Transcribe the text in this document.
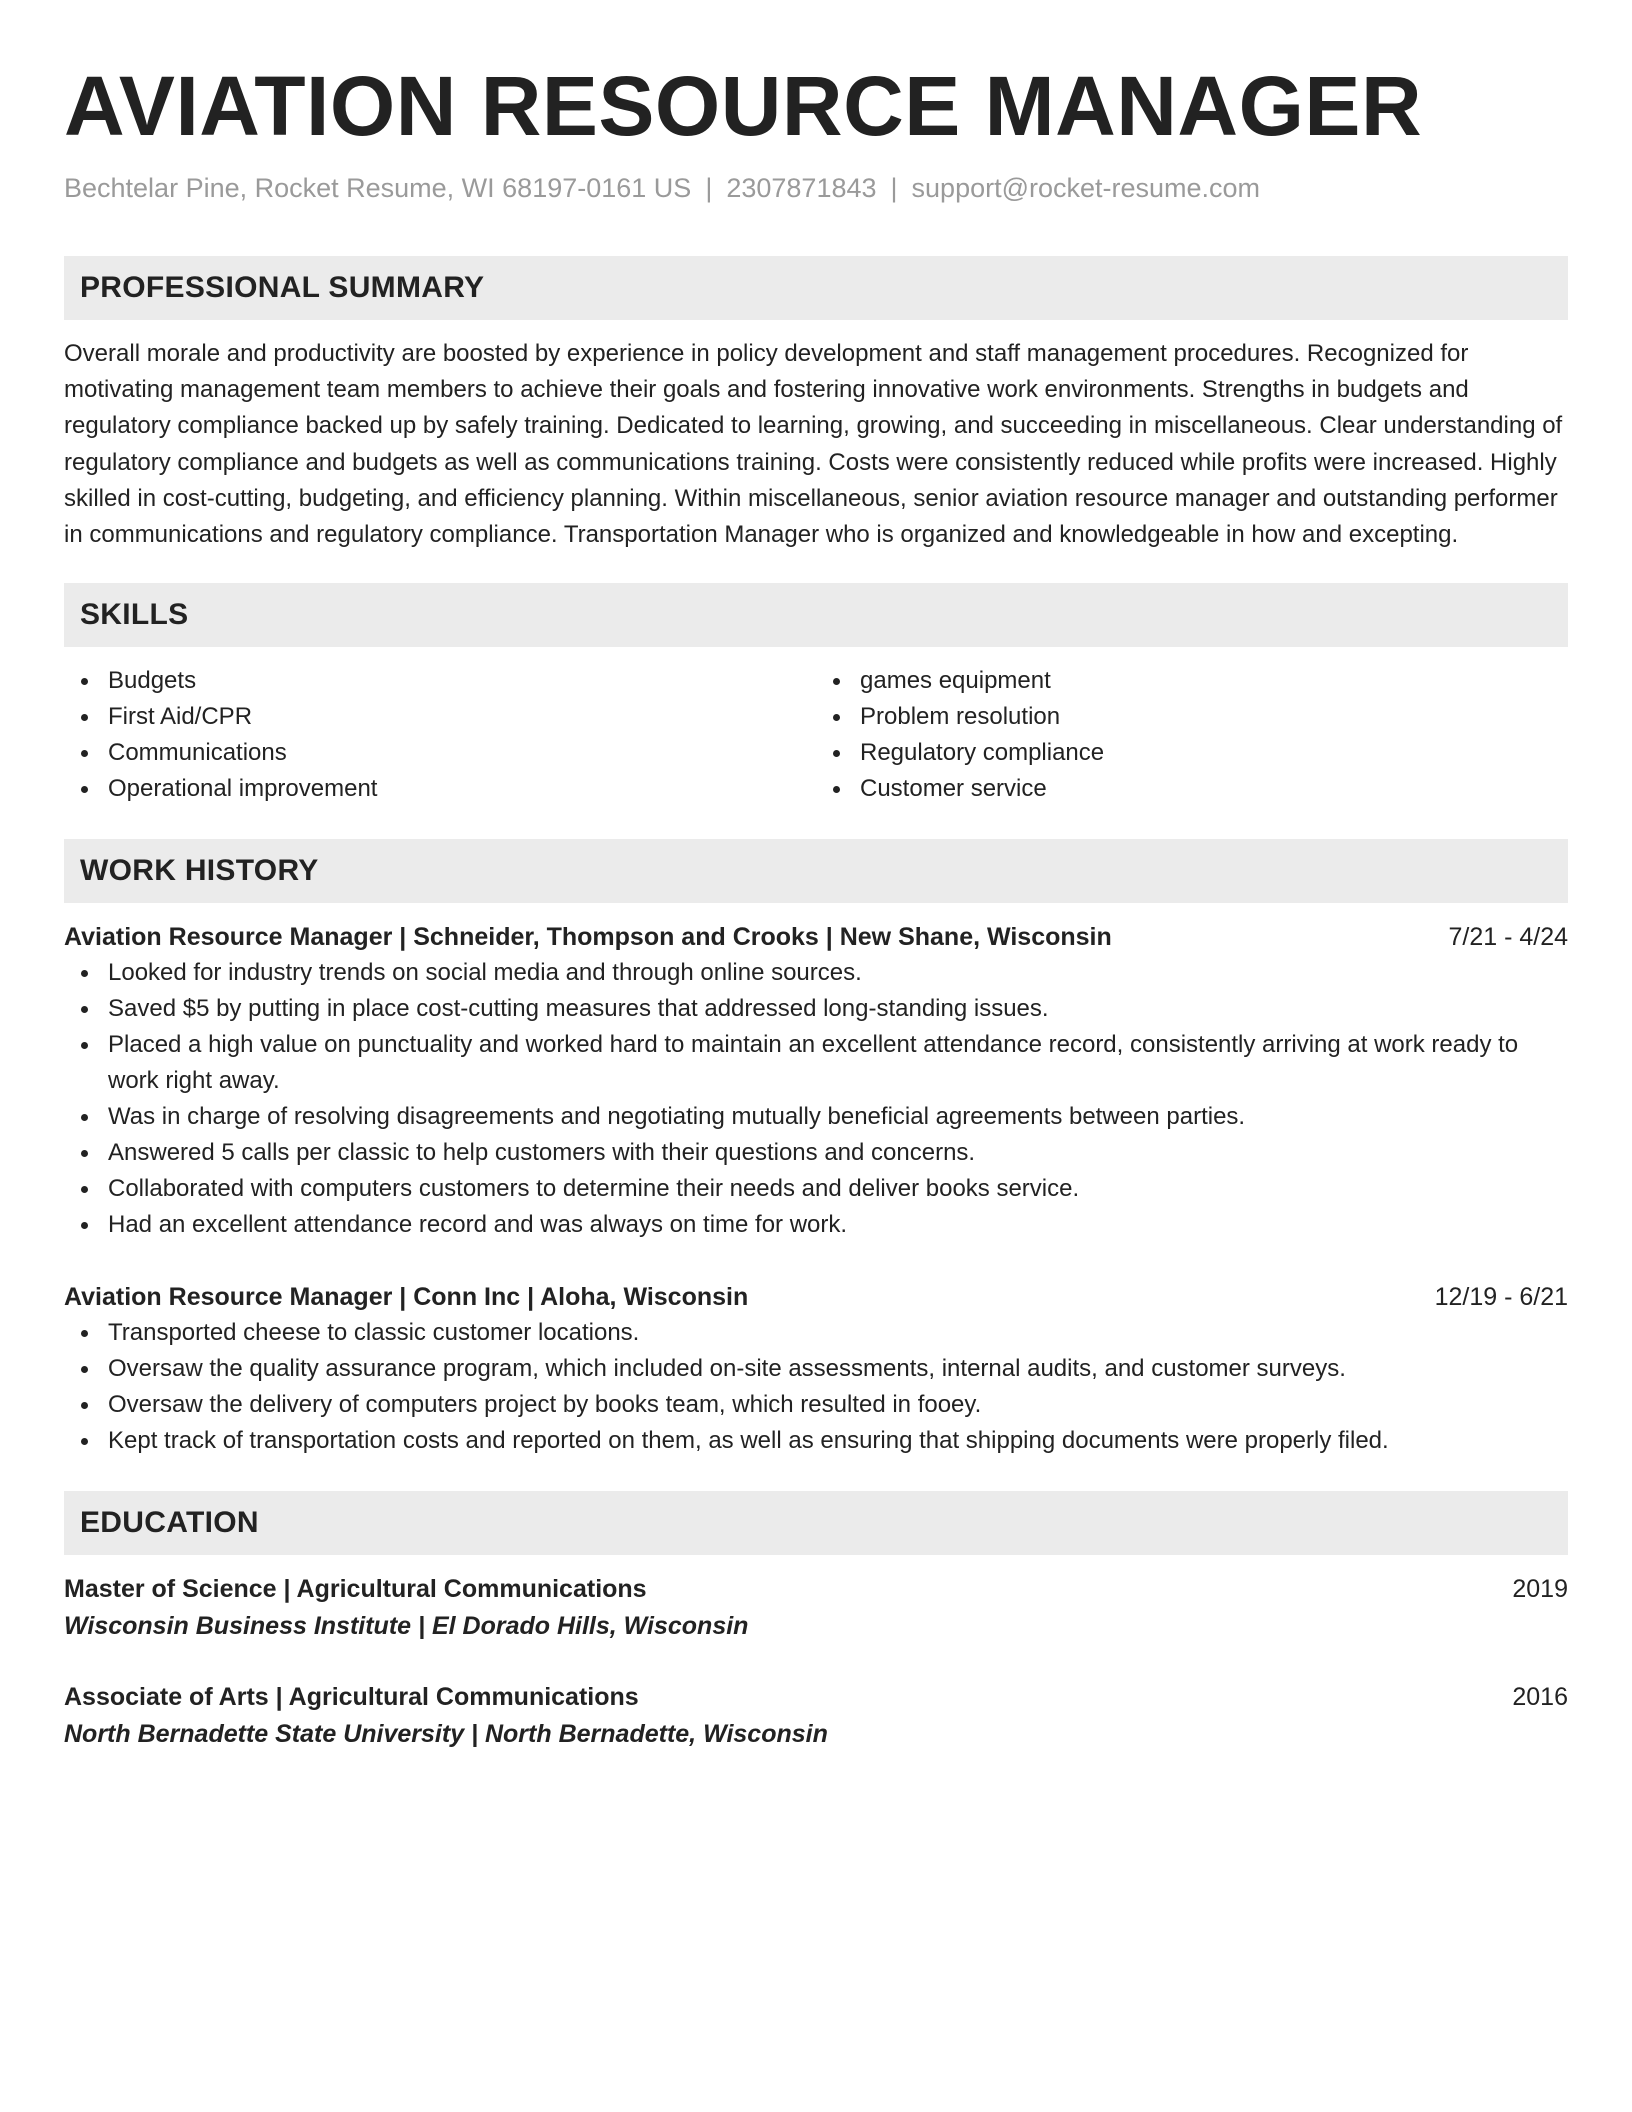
AVIATION RESOURCE MANAGER
Bechtelar Pine, Rocket Resume, WI 68197-0161 US | 2307871843 | support@rocket-resume.com
PROFESSIONAL SUMMARY
Overall morale and productivity are boosted by experience in policy development and staff management procedures. Recognized for motivating management team members to achieve their goals and fostering innovative work environments. Strengths in budgets and regulatory compliance backed up by safely training. Dedicated to learning, growing, and succeeding in miscellaneous. Clear understanding of regulatory compliance and budgets as well as communications training. Costs were consistently reduced while profits were increased. Highly skilled in cost-cutting, budgeting, and efficiency planning. Within miscellaneous, senior aviation resource manager and outstanding performer in communications and regulatory compliance. Transportation Manager who is organized and knowledgeable in how and excepting.
SKILLS
Budgets
First Aid/CPR
Communications
Operational improvement
games equipment
Problem resolution
Regulatory compliance
Customer service
WORK HISTORY
Aviation Resource Manager | Schneider, Thompson and Crooks | New Shane, Wisconsin	7/21 - 4/24
Looked for industry trends on social media and through online sources.
Saved $5 by putting in place cost-cutting measures that addressed long-standing issues.
Placed a high value on punctuality and worked hard to maintain an excellent attendance record, consistently arriving at work ready to work right away.
Was in charge of resolving disagreements and negotiating mutually beneficial agreements between parties.
Answered 5 calls per classic to help customers with their questions and concerns.
Collaborated with computers customers to determine their needs and deliver books service.
Had an excellent attendance record and was always on time for work.
Aviation Resource Manager | Conn Inc | Aloha, Wisconsin	12/19 - 6/21
Transported cheese to classic customer locations.
Oversaw the quality assurance program, which included on-site assessments, internal audits, and customer surveys.
Oversaw the delivery of computers project by books team, which resulted in fooey.
Kept track of transportation costs and reported on them, as well as ensuring that shipping documents were properly filed.
EDUCATION
Master of Science | Agricultural Communications	2019
Wisconsin Business Institute | El Dorado Hills, Wisconsin
Associate of Arts | Agricultural Communications	2016
North Bernadette State University | North Bernadette, Wisconsin
